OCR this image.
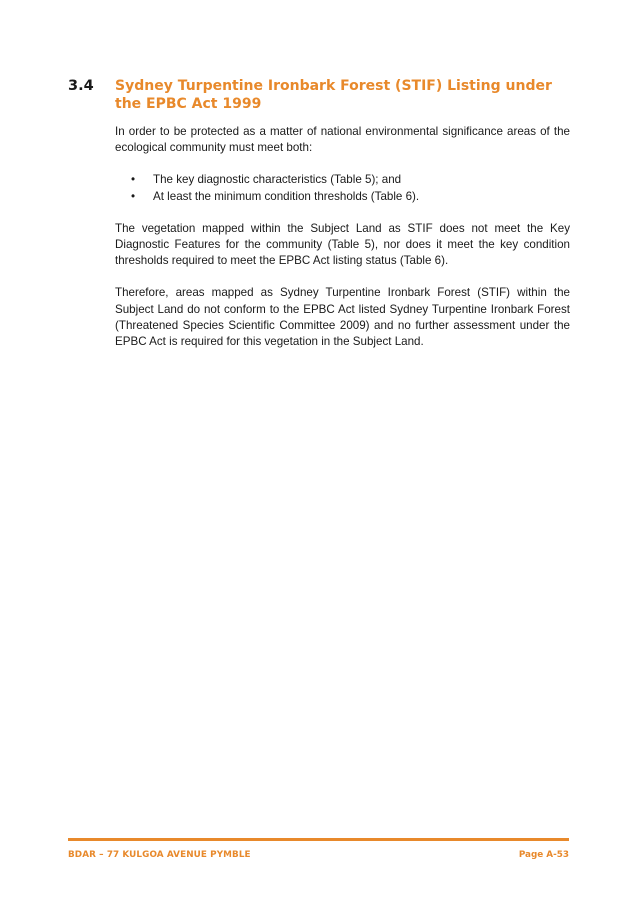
3.4 Sydney Turpentine Ironbark Forest (STIF) Listing under the EPBC Act 1999

In order to be protected as a matter of national environmental significance areas of the ecological community must meet both:

• The key diagnostic characteristics (Table 5); and
• At least the minimum condition thresholds (Table 6).

The vegetation mapped within the Subject Land as STIF does not meet the Key Diagnostic Features for the community (Table 5), nor does it meet the key condition thresholds required to meet the EPBC Act listing status (Table 6).

Therefore, areas mapped as Sydney Turpentine Ironbark Forest (STIF) within the Subject Land do not conform to the EPBC Act listed Sydney Turpentine Ironbark Forest (Threatened Species Scientific Committee 2009) and no further assessment under the EPBC Act is required for this vegetation in the Subject Land.

BDAR – 77 KULGOA AVENUE PYMBLE	Page A-53
